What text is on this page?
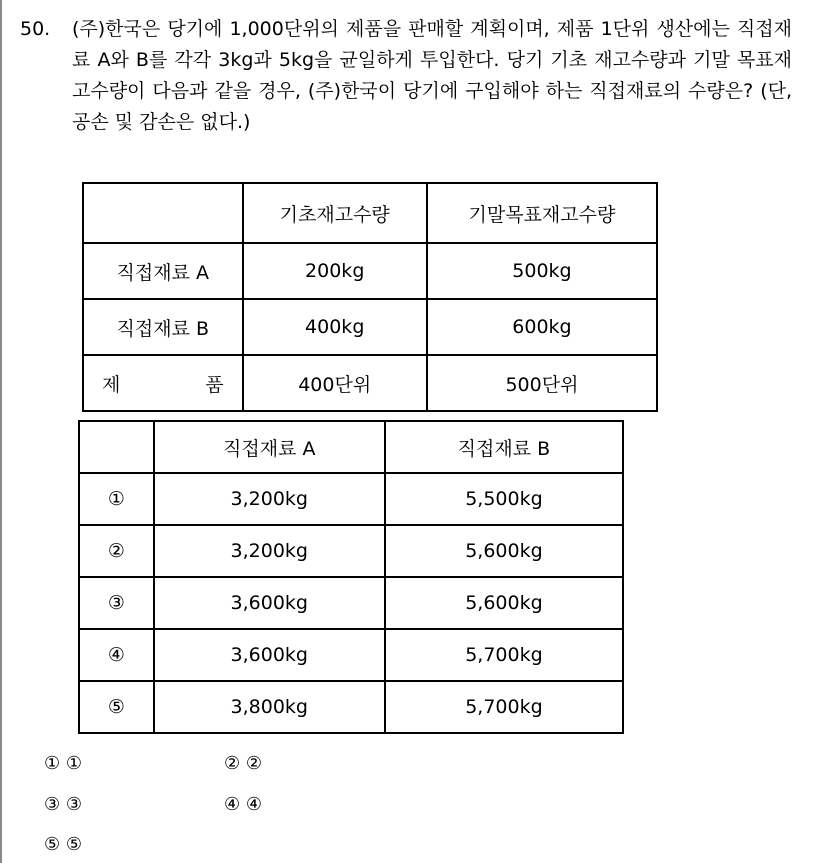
50. (주)한국은 당기에 1,000단위의 제품을 판매할 계획이며, 제품 1단위 생산에는 직접재료 A와 B를 각각 3kg과 5kg을 균일하게 투입한다. 당기 기초 재고수량과 기말 목표재고수량이 다음과 같을 경우, (주)한국이 당기에 구입해야 하는 직접재료의 수량은? (단, 공손 및 감손은 없다.)
	기초재고수량	기말목표재고수량
직접재료 A	200kg	500kg
직접재료 B	400kg	600kg

제 품	400단위	500단위
	직접재료 A	직접재료 B
①	3,200kg	5,500kg
②	3,200kg	5,600kg
③	3,600kg	5,600kg
④	3,600kg	5,700kg
⑤	3,800kg	5,700kg
① ①	② ②
③ ③	④ ④
⑤ ⑤
